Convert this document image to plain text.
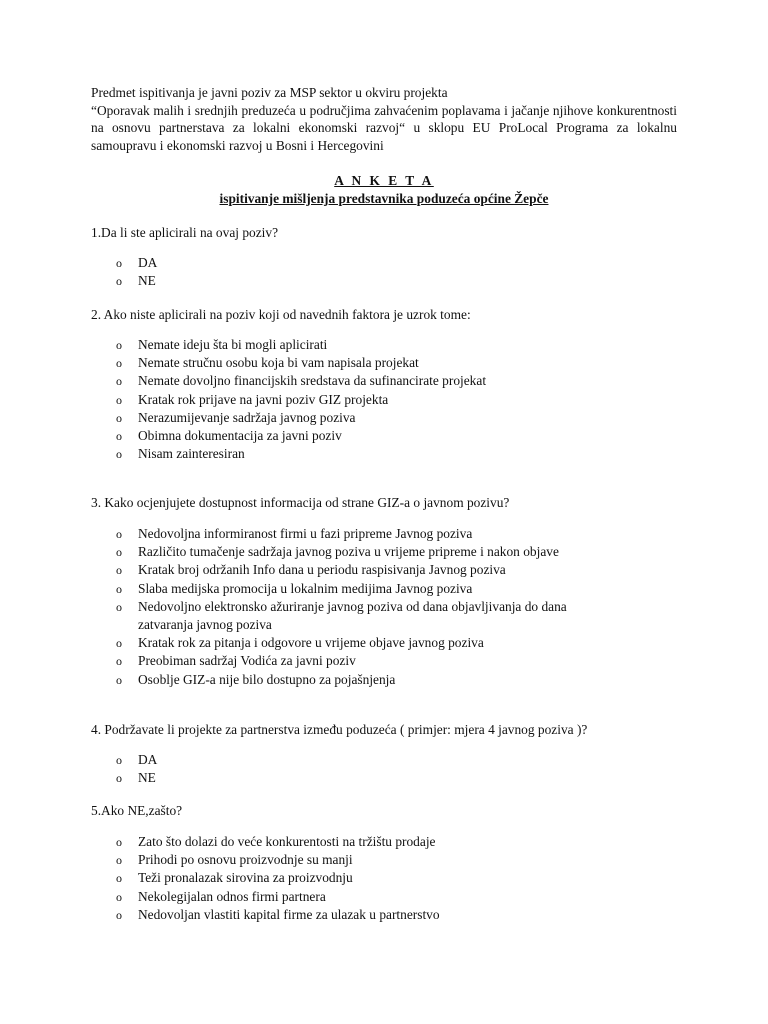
Predmet ispitivanja je javni poziv za MSP sektor u okviru projekta

“Oporavak malih i srednjih preduzeća u područjima zahvaćenim poplavama i jačanje njihove konkurentnosti na osnovu partnerstava za lokalni ekonomski razvoj“ u sklopu EU ProLocal Programa za lokalnu samoupravu i ekonomski razvoj u Bosni i Hercegovini

A N K E T A
ispitivanje mišljenja predstavnika poduzeća općine Žepče

1.Da li ste aplicirali na ovaj poziv?

o DA
o NE

2. Ako niste aplicirali na poziv koji od navednih faktora je uzrok tome:

o Nemate ideju šta bi mogli aplicirati
o Nemate stručnu osobu koja bi vam napisala projekat
o Nemate dovoljno financijskih sredstava da sufinancirate projekat
o Kratak rok prijave na javni poziv GIZ projekta
o Nerazumijevanje sadržaja javnog poziva
o Obimna dokumentacija za javni poziv
o Nisam zainteresiran

3. Kako ocjenjujete dostupnost informacija od strane GIZ-a o javnom pozivu?

o Nedovoljna informiranost firmi u fazi pripreme Javnog poziva
o Različito tumačenje sadržaja javnog poziva u vrijeme pripreme i nakon objave
o Kratak broj održanih Info dana u periodu raspisivanja Javnog poziva
o Slaba medijska promocija u lokalnim medijima Javnog poziva
o Nedovoljno elektronsko ažuriranje javnog poziva od dana objavljivanja do dana
zatvaranja javnog poziva
o Kratak rok za pitanja i odgovore u vrijeme objave javnog poziva
o Preobiman sadržaj Vodića za javni poziv
o Osoblje GIZ-a nije bilo dostupno za pojašnjenja

4. Podržavate li projekte za partnerstva između poduzeća ( primjer: mjera 4 javnog poziva )?

o DA
o NE

5.Ako NE,zašto?

o Zato što dolazi do veće konkurentosti na tržištu prodaje
o Prihodi po osnovu proizvodnje su manji
o Teži pronalazak sirovina za proizvodnju
o Nekolegijalan odnos firmi partnera
o Nedovoljan vlastiti kapital firme za ulazak u partnerstvo
